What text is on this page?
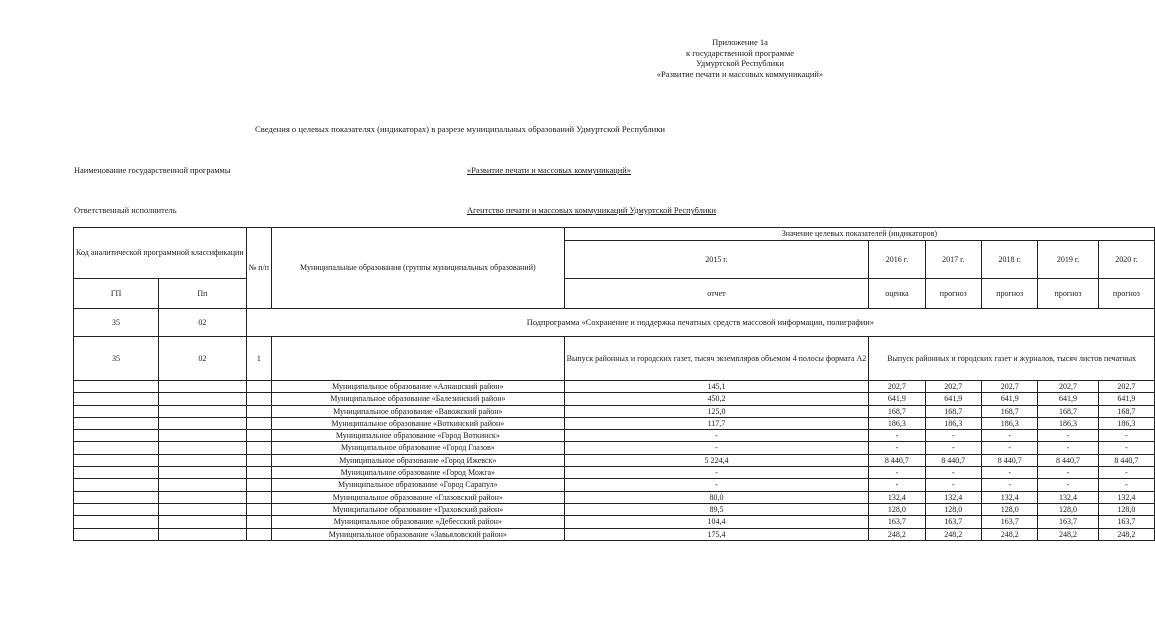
Приложение 1а
к государственной программе
Удмуртской Республики
«Развитие печати и массовых коммуникаций»
Сведения о целевых показателях (индикаторах) в разрезе муниципальных образований Удмуртской Республики
Наименование государственной программы	«Развитие печати и массовых коммуникаций»
Ответственный исполнитель	Агентство печати и массовых коммуникаций Удмуртской Республики
Код аналитической программной классификации		№ п/п	Муниципальные образования (группы муниципальных образований)	Значение целевых показателей (индикаторов)					
				2015 г.	2016 г.	2017 г.	2018 г.	2019 г.	2020 г.
ГП	Пп			отчет	оценка	прогноз	прогноз	прогноз	прогноз
35	02	Подпрограмма «Сохранение и поддержка печатных средств массовой информации, полиграфии»							
35	02	1		Выпуск районных и городских газет, тысяч экземпляров объемом 4 полосы формата А2	Выпуск районных и городских газет и журналов, тысяч листов печатных				
			Муниципальное образование «Алнашский район»	145,1	202,7	202,7	202,7	202,7	202,7
			Муниципальное образование «Балезинский район»	450,2	641,9	641,9	641,9	641,9	641,9
			Муниципальное образование «Вавожский район»	125,0	168,7	168,7	168,7	168,7	168,7
			Муниципальное образование «Воткинский район»	117,7	186,3	186,3	186,3	186,3	186,3
			Муниципальное образование «Город Воткинск»	-	-	-	-	-	-
			Муниципальное образование «Город Глазов»	-	-	-	-	-	-
			Муниципальное образование «Город Ижевск»	5 224,4	8 440,7	8 440,7	8 440,7	8 440,7	8 440,7
			Муниципальное образование «Город Можга»	-	-	-	-	-	-
			Муниципальное образование «Город Сарапул»	-	-	-	-	-	-
			Муниципальное образование «Глазовский район»	80,0	132,4	132,4	132,4	132,4	132,4
			Муниципальное образование «Граховский район»	89,5	128,0	128,0	128,0	128,0	128,0
			Муниципальное образование «Дебесский район»	104,4	163,7	163,7	163,7	163,7	163,7
			Муниципальное образование «Завьяловский район»	175,4	248,2	248,2	248,2	248,2	248,2
